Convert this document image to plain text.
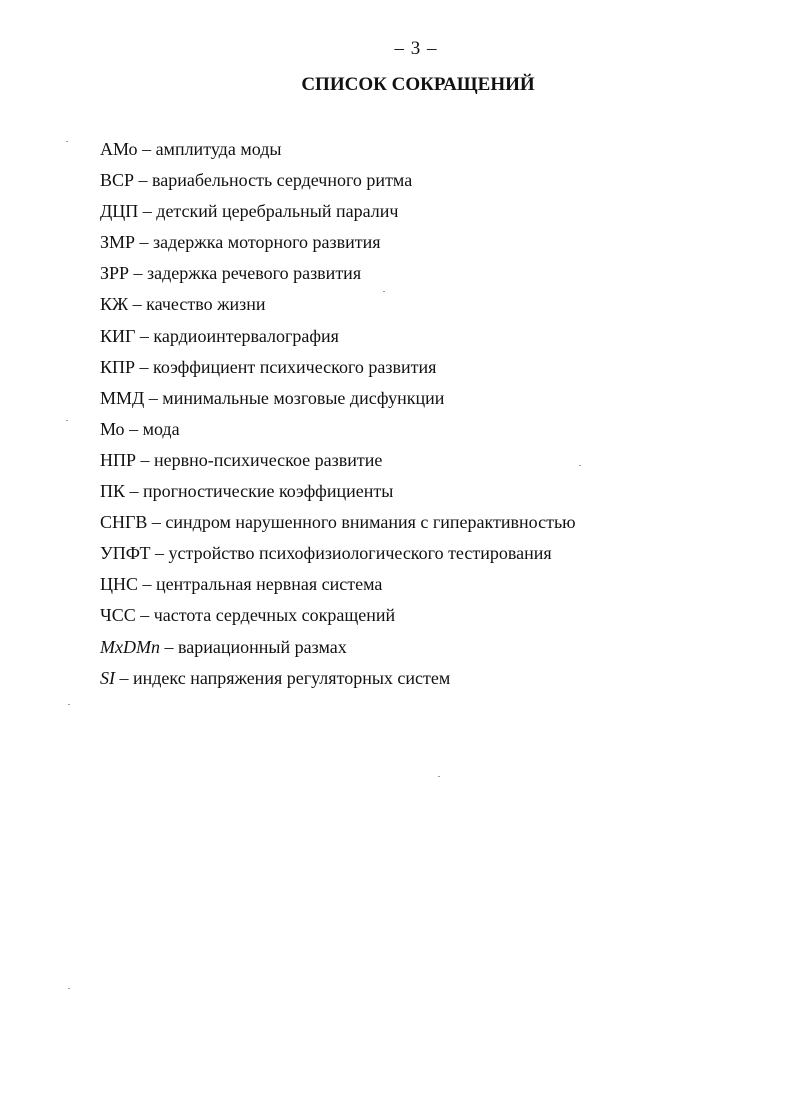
– 3 –
СПИСОК СОКРАЩЕНИЙ
АМо – амплитуда моды
ВСР – вариабельность сердечного ритма
ДЦП – детский церебральный паралич
ЗМР – задержка моторного развития
ЗРР – задержка речевого развития
КЖ – качество жизни
КИГ – кардиоинтервалография
КПР – коэффициент психического развития
ММД – минимальные мозговые дисфункции
Мо – мода
НПР – нервно-психическое развитие
ПК – прогностические коэффициенты
СНГВ – синдром нарушенного внимания с гиперактивностью
УПФТ – устройство психофизиологического тестирования
ЦНС – центральная нервная система
ЧСС – частота сердечных сокращений
MxDMn – вариационный размах
SI – индекс напряжения регуляторных систем
